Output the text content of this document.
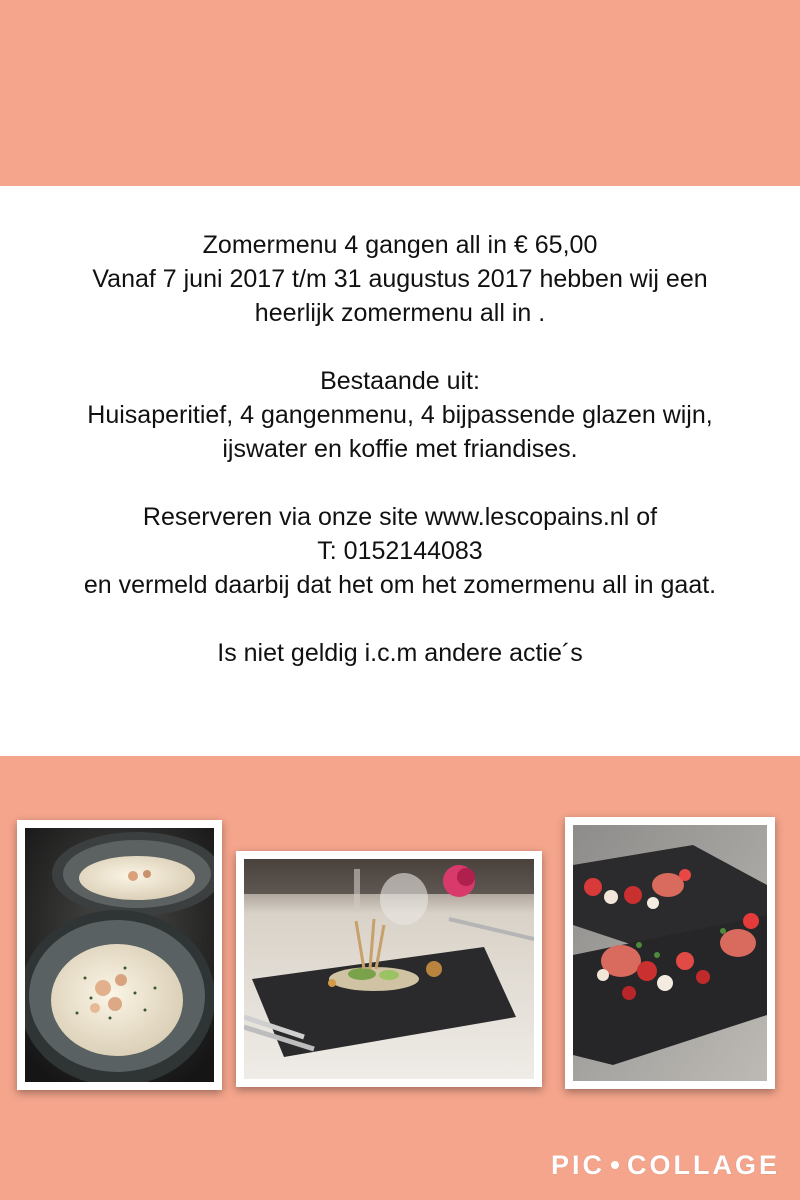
Zomermenu 4 gangen all in € 65,00
Vanaf 7 juni 2017 t/m 31 augustus 2017 hebben wij een
heerlijk zomermenu all in .
Bestaande uit:
Huisaperitief, 4 gangenmenu, 4 bijpassende glazen wijn,
ijswater en koffie met friandises.
Reserveren via onze site www.lescopains.nl of
T: 0152144083
en vermeld daarbij dat het om het zomermenu all in gaat.
Is niet geldig i.c.m andere actie´s
PIC COLLAGE
